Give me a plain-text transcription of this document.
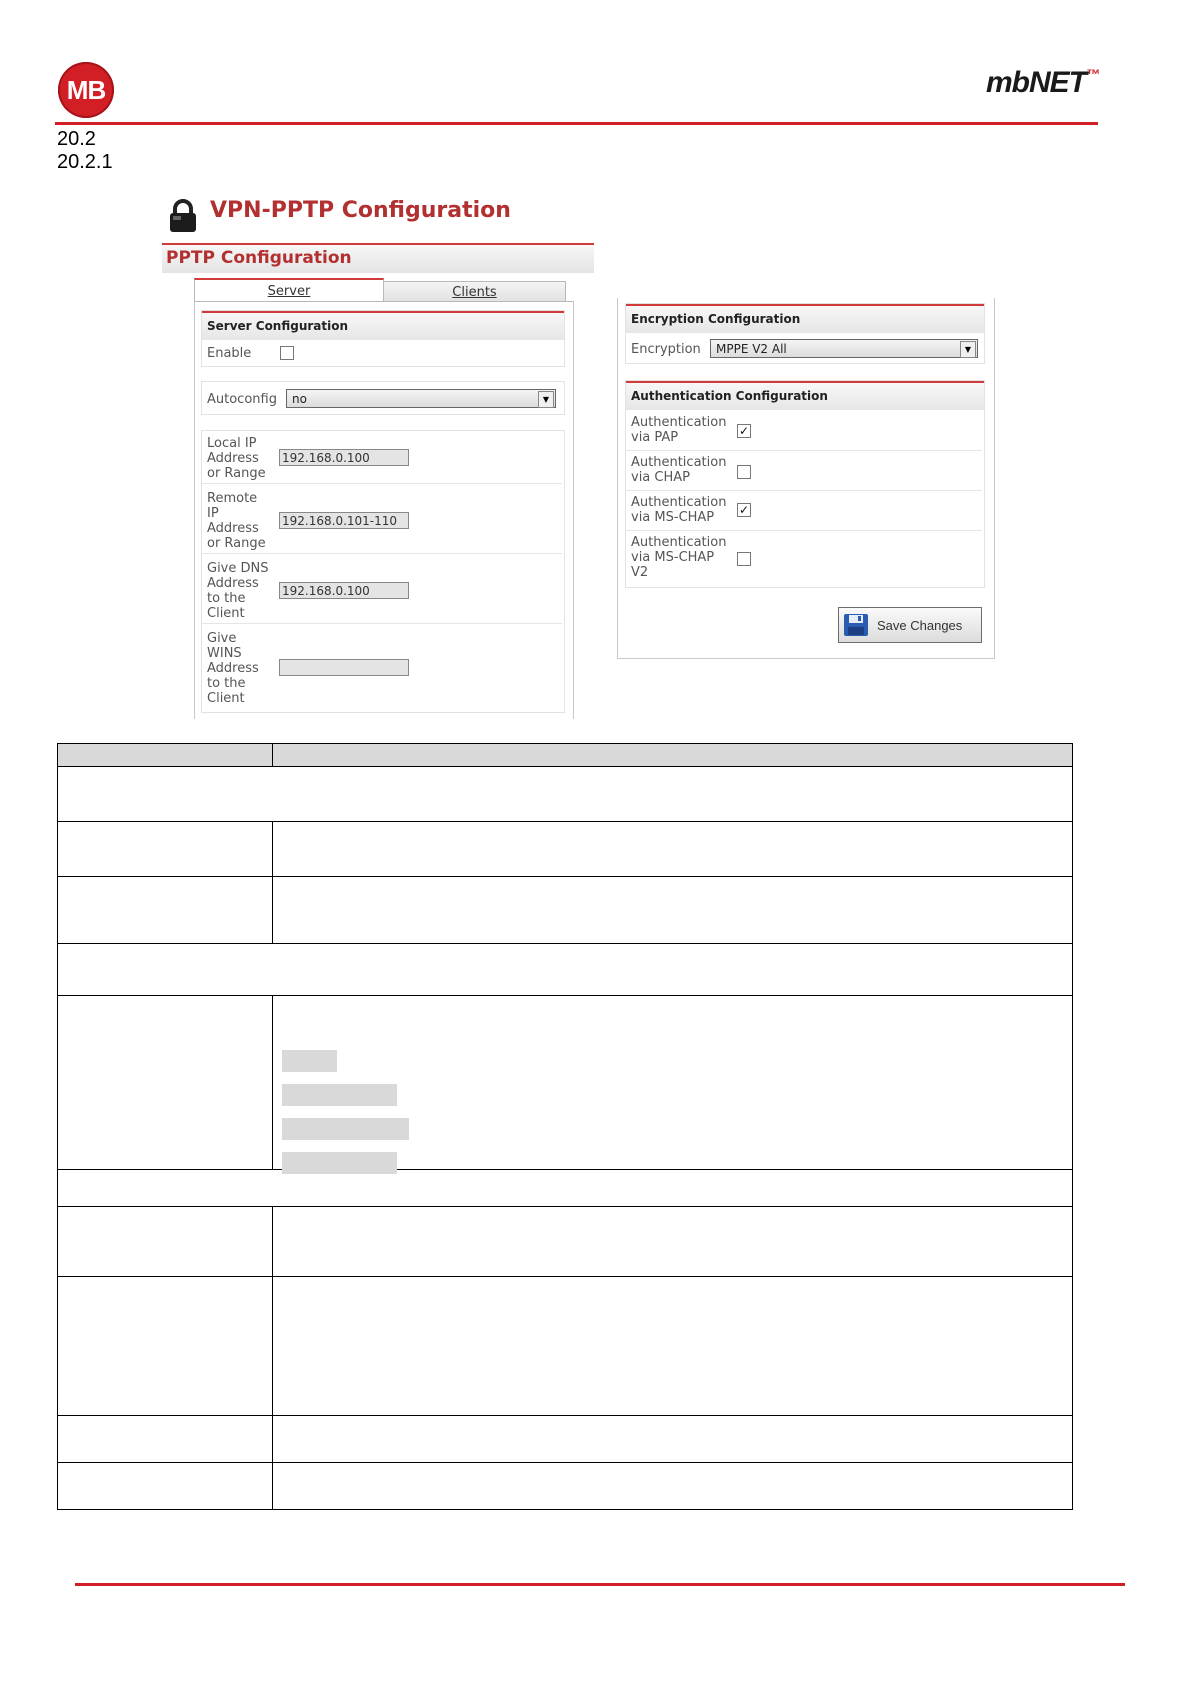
MB	mbNET™
20.2
20.2.1
VPN-PPTP Configuration
PPTP Configuration
Server	Clients
Server Configuration
Enable
Autoconfig	no	▼
Local IP
Address
or Range
192.168.0.100
Remote
IP
Address
or Range
192.168.0.101-110
Give DNS
Address
to the
Client
192.168.0.100
Give
WINS
Address
to the
Client
Encryption Configuration
Encryption	MPPE V2 All	▼
Authentication Configuration
Authentication
via PAP	✓
Authentication
via CHAP
Authentication
via MS-CHAP	✓
Authentication
via MS-CHAP
V2
Save Changes
